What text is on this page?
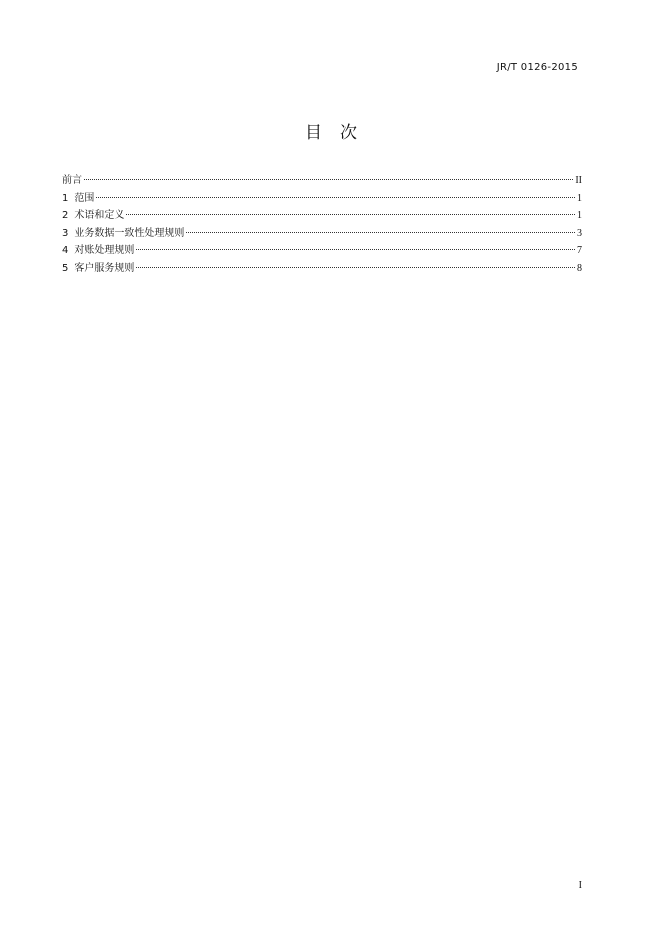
JR/T 0126-2015
目 次
前言	II
1 范围	1
2 术语和定义	1
3 业务数据一致性处理规则	3
4 对账处理规则	7
5 客户服务规则	8
I
